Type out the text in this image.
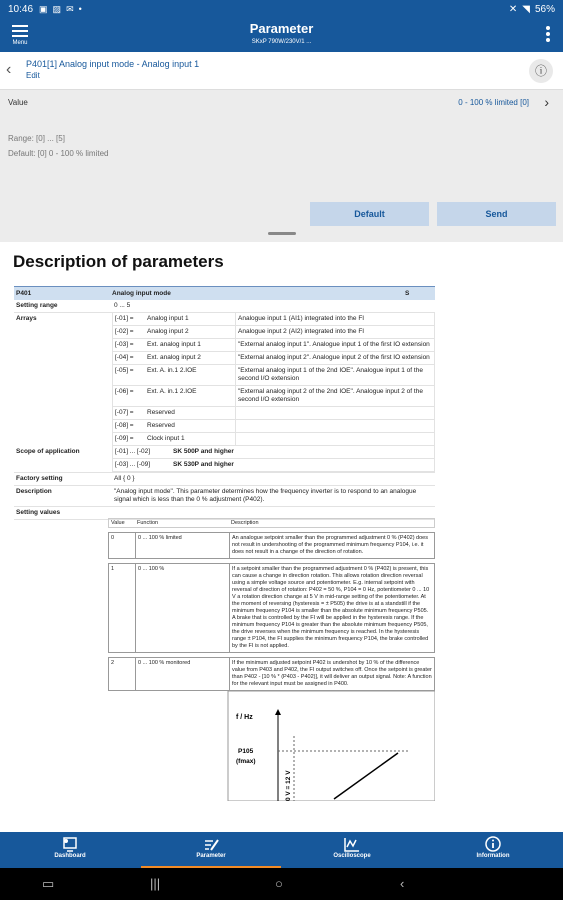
10:46 ▣ ▨ ✉ •	✕ ◥ 56%
Menu
Parameter
SKxP 790W/230V/1 ...
‹ P401[1] Analog input mode - Analog input 1
Edit	ⓘ
Value	0 - 100 % limited [0] ›
Range: [0] ... [5]
Default: [0] 0 - 100 % limited
Default	Send
Description of parameters
P401	Analog input mode	S
Setting range	0 ... 5
Arrays	[-01] =	Analog input 1	Analogue input 1 (AI1) integrated into the FI
[-02] =	Analog input 2	Analogue input 2 (AI2) integrated into the FI
[-03] =	Ext. analog input 1	"External analog input 1". Analogue input 1 of the first IO extension
[-04] =	Ext. analog input 2	"External analog input 2". Analogue input 2 of the first IO extension
[-05] =	Ext. A. in.1 2.IOE	"External analog input 1 of the 2nd IOE". Analogue input 1 of the second I/O extension
[-06] =	Ext. A. in.1 2.IOE	"External analog input 2 of the 2nd IOE". Analogue input 2 of the second I/O extension
[-07] =	Reserved
[-08] =	Reserved
[-09] =	Clock input 1
Scope of application	[-01] ... [-02]	SK 500P and higher
[-03] ... [-09]	SK 530P and higher
Factory setting	All { 0 }
Description	"Analog input mode". This parameter determines how the frequency inverter is to respond to an analogue signal which is less than the 0 % adjustment (P402).
Setting values
Value	Function	Description
0	0 ... 100 % limited	An analogue setpoint smaller than the programmed adjustment 0 % (P402) does not result in undershooting of the programmed minimum frequency P104, i.e. it does not result in a change of the direction of rotation.
1	0 ... 100 %	If a setpoint smaller than the programmed adjustment 0 % (P402) is present, this can cause a change in direction rotation. This allows rotation direction reversal using a simple voltage source and potentiometer. E.g. internal setpoint with reversal of direction of rotation: P402 = 50 %, P104 = 0 Hz, potentiometer 0 ... 10 V a rotation direction change at 5 V in mid-range setting of the potentiometer. At the moment of reversing (hysteresis = ± P505) the drive is at a standstill if the minimum frequency P104 is smaller than the absolute minimum frequency P505. A brake that is controlled by the FI will be applied in the hysteresis range. If the minimum frequency P104 is greater than the absolute minimum frequency P505, the drive reverses when the minimum frequency is reached. In the hysteresis range ± P104, the FI supplies the minimum frequency P104, the brake controlled by the FI is not applied.
2	0 ... 100 % monitored	If the minimum adjusted setpoint P402 is undershot by 10 % of the difference value from P403 and P402, the FI output switches off. Once the setpoint is greater than P402 - [10 % * (P403 - P402)], it will deliver an output signal. Note: A function for the relevant input must be assigned in P400.
f / Hz
P105
(fmax)
0 V = 12 V
Dashboard	Parameter	Oscilloscope	Information
▭	|||	○	‹
